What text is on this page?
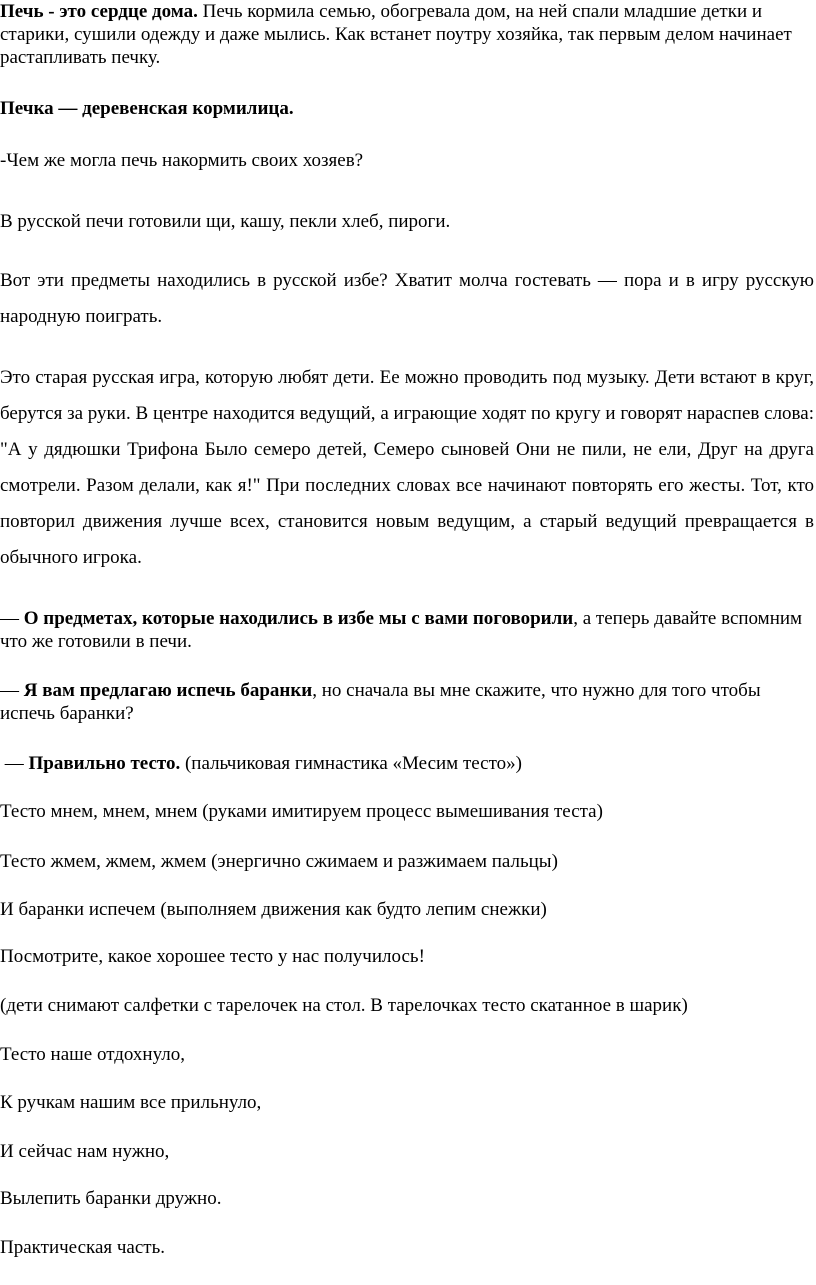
Печь - это сердце дома. Печь кормила семью, обогревала дом, на ней спали младшие детки и старики, сушили одежду и даже мылись. Как встанет поутру хозяйка, так первым делом начинает растапливать печку.

Печка — деревенская кормилица.

-Чем же могла печь накормить своих хозяев?

В русской печи готовили щи, кашу, пекли хлеб, пироги.

Вот эти предметы находились в русской избе? Хватит молча гостевать — пора и в игру русскую народную поиграть.

Это старая русская игра, которую любят дети. Ее можно проводить под музыку. Дети встают в круг, берутся за руки. В центре находится ведущий, а играющие ходят по кругу и говорят нараспев слова: "А у дядюшки Трифона Было семеро детей, Семеро сыновей Они не пили, не ели, Друг на друга смотрели. Разом делали, как я!" При последних словах все начинают повторять его жесты. Тот, кто повторил движения лучше всех, становится новым ведущим, а старый ведущий превращается в обычного игрока.

— О предметах, которые находились в избе мы с вами поговорили, а теперь давайте вспомним что же готовили в печи.

— Я вам предлагаю испечь баранки, но сначала вы мне скажите, что нужно для того чтобы испечь баранки?

— Правильно тесто. (пальчиковая гимнастика «Месим тесто»)

Тесто мнем, мнем, мнем (руками имитируем процесс вымешивания теста)

Тесто жмем, жмем, жмем (энергично сжимаем и разжимаем пальцы)

И баранки испечем (выполняем движения как будто лепим снежки)

Посмотрите, какое хорошее тесто у нас получилось!

(дети снимают салфетки с тарелочек на стол. В тарелочках тесто скатанное в шарик)

Тесто наше отдохнуло,

К ручкам нашим все прильнуло,

И сейчас нам нужно,

Вылепить баранки дружно.

Практическая часть.
